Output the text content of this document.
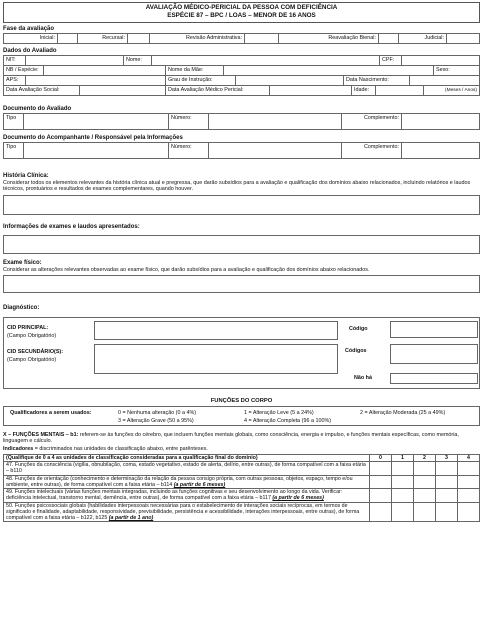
AVALIAÇÃO MÉDICO-PERICIAL DA PESSOA COM DEFICIÊNCIA
ESPÉCIE 87 – BPC / LOAS – MENOR DE 16 ANOS
Fase da avaliação
Inicial:	Recursal:	Revisão Administrativa:	Reavaliação Bienal:	Judicial:
Dados do Avaliado
NIT:	Nome:	CPF:
NB / Espécie:	Nome da Mãe:	Sexo:
APS:	Grau de Instrução:	Data Nascimento:
Data Avaliação Social:	Data Avaliação Médico Pericial:	Idade:	(Meses / Anos)
Documento do Avaliado
Tipo	Número:	Complemento:
Documento do Acompanhante / Responsável pela Informações
Tipo	Número:	Complemento:
História Clínica:
Considerar todos os elementos relevantes da história clínica atual e pregressa, que darão subsídios para a avaliação e qualificação dos domínios abaixo relacionados, incluindo relatórios e laudos técnicos, prontuários e resultados de exames complementares, quando houver.
Informações de exames e laudos apresentados:
Exame físico:
Considerar as alterações relevantes observadas ao exame físico, que darão subsídios para a avaliação e qualificação dos domínios abaixo relacionados.
Diagnóstico:
CID PRINCIPAL:
(Campo Obrigatório)
Código
CID SECUNDÁRIO(S):
(Campo Obrigatório)
Códigos
Não há
FUNÇÕES DO CORPO
Qualificadores a serem usados:	0 = Nenhuma alteração (0 a 4%)	1 = Alteração Leve (5 a 24%)	2 = Alteração Moderada (25 a 49%)
3 = Alteração Grave (50 a 95%)	4 = Alteração Completa (96 a 100%)
X – FUNÇÕES MENTAIS – b1: referem-se às funções do cérebro, que incluem funções mentais globais, como consciência, energia e impulso, e funções mentais específicas, como memória, linguagem e cálculo.
Indicadores = discriminados nas unidades de classificação abaixo, entre parênteses.
(Qualifique de 0 a 4 as unidades de classificação consideradas para a qualificação final do domínio)	0	1	2	3	4
47. Funções da consciência (vigília, obnubilação, coma, estado vegetativo, estado de alerta, delírio, entre outras), de forma compatível com a faixa etária – b110					
48. Funções de orientação (conhecimento e determinação da relação da pessoa consigo própria, com outras pessoas, objetos, espaço, tempo e/ou ambiente, entre outras), de forma compatível com a faixa etária – b114 (a partir de 6 meses)					
49. Funções intelectuais (várias funções mentais integradas, incluindo as funções cognitivas e seu desenvolvimento ao longo da vida. Verificar: deficiência intelectual, transtorno mental, demência, entre outras), de forma compatível com a faixa etária – b117 (a partir de 6 meses)					
50. Funções psicossociais globais (habilidades interpessoais necessárias para o estabelecimento de interações sociais recíprocas, em termos de significado e finalidade, adaptabilidade, responsividade, previsibilidade, persistência e acessibilidade, interações interpessoais, entre outras), de forma compatível com a faixa etária – b122, b125 (a partir de 1 ano)					
